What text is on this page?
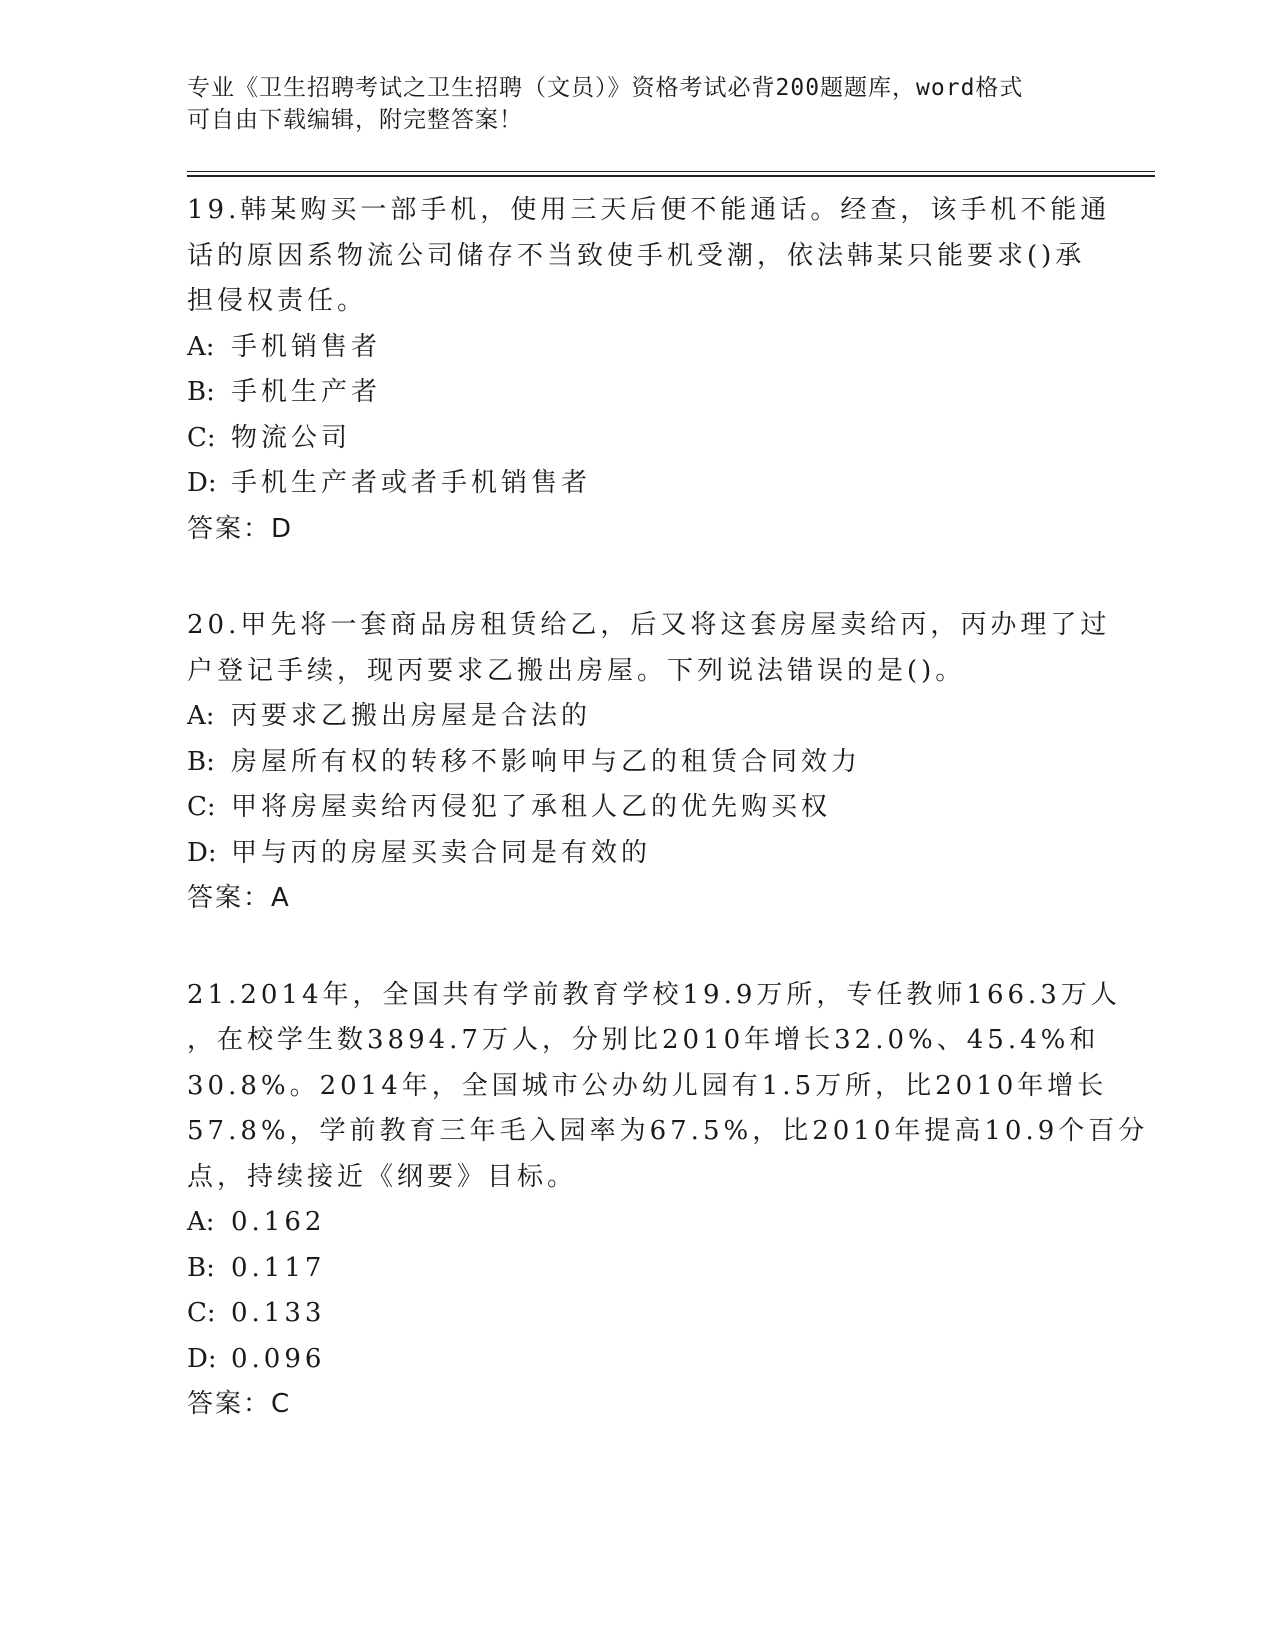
专业《卫生招聘考试之卫生招聘（文员）》资格考试必背200题题库，word格式
可自由下载编辑，附完整答案！
19.韩某购买一部手机，使用三天后便不能通话。经查，该手机不能通
话的原因系物流公司储存不当致使手机受潮，依法韩某只能要求()承
担侵权责任。
A: 手机销售者
B: 手机生产者
C: 物流公司
D: 手机生产者或者手机销售者
答案：D
20.甲先将一套商品房租赁给乙，后又将这套房屋卖给丙，丙办理了过
户登记手续，现丙要求乙搬出房屋。下列说法错误的是()。
A: 丙要求乙搬出房屋是合法的
B: 房屋所有权的转移不影响甲与乙的租赁合同效力
C: 甲将房屋卖给丙侵犯了承租人乙的优先购买权
D: 甲与丙的房屋买卖合同是有效的
答案：A
21.2014年，全国共有学前教育学校19.9万所，专任教师166.3万人
，在校学生数3894.7万人，分别比2010年增长32.0%、45.4%和
30.8%。2014年，全国城市公办幼儿园有1.5万所，比2010年增长
57.8%，学前教育三年毛入园率为67.5%，比2010年提高10.9个百分
点，持续接近《纲要》目标。
A: 0.162
B: 0.117
C: 0.133
D: 0.096
答案：C
